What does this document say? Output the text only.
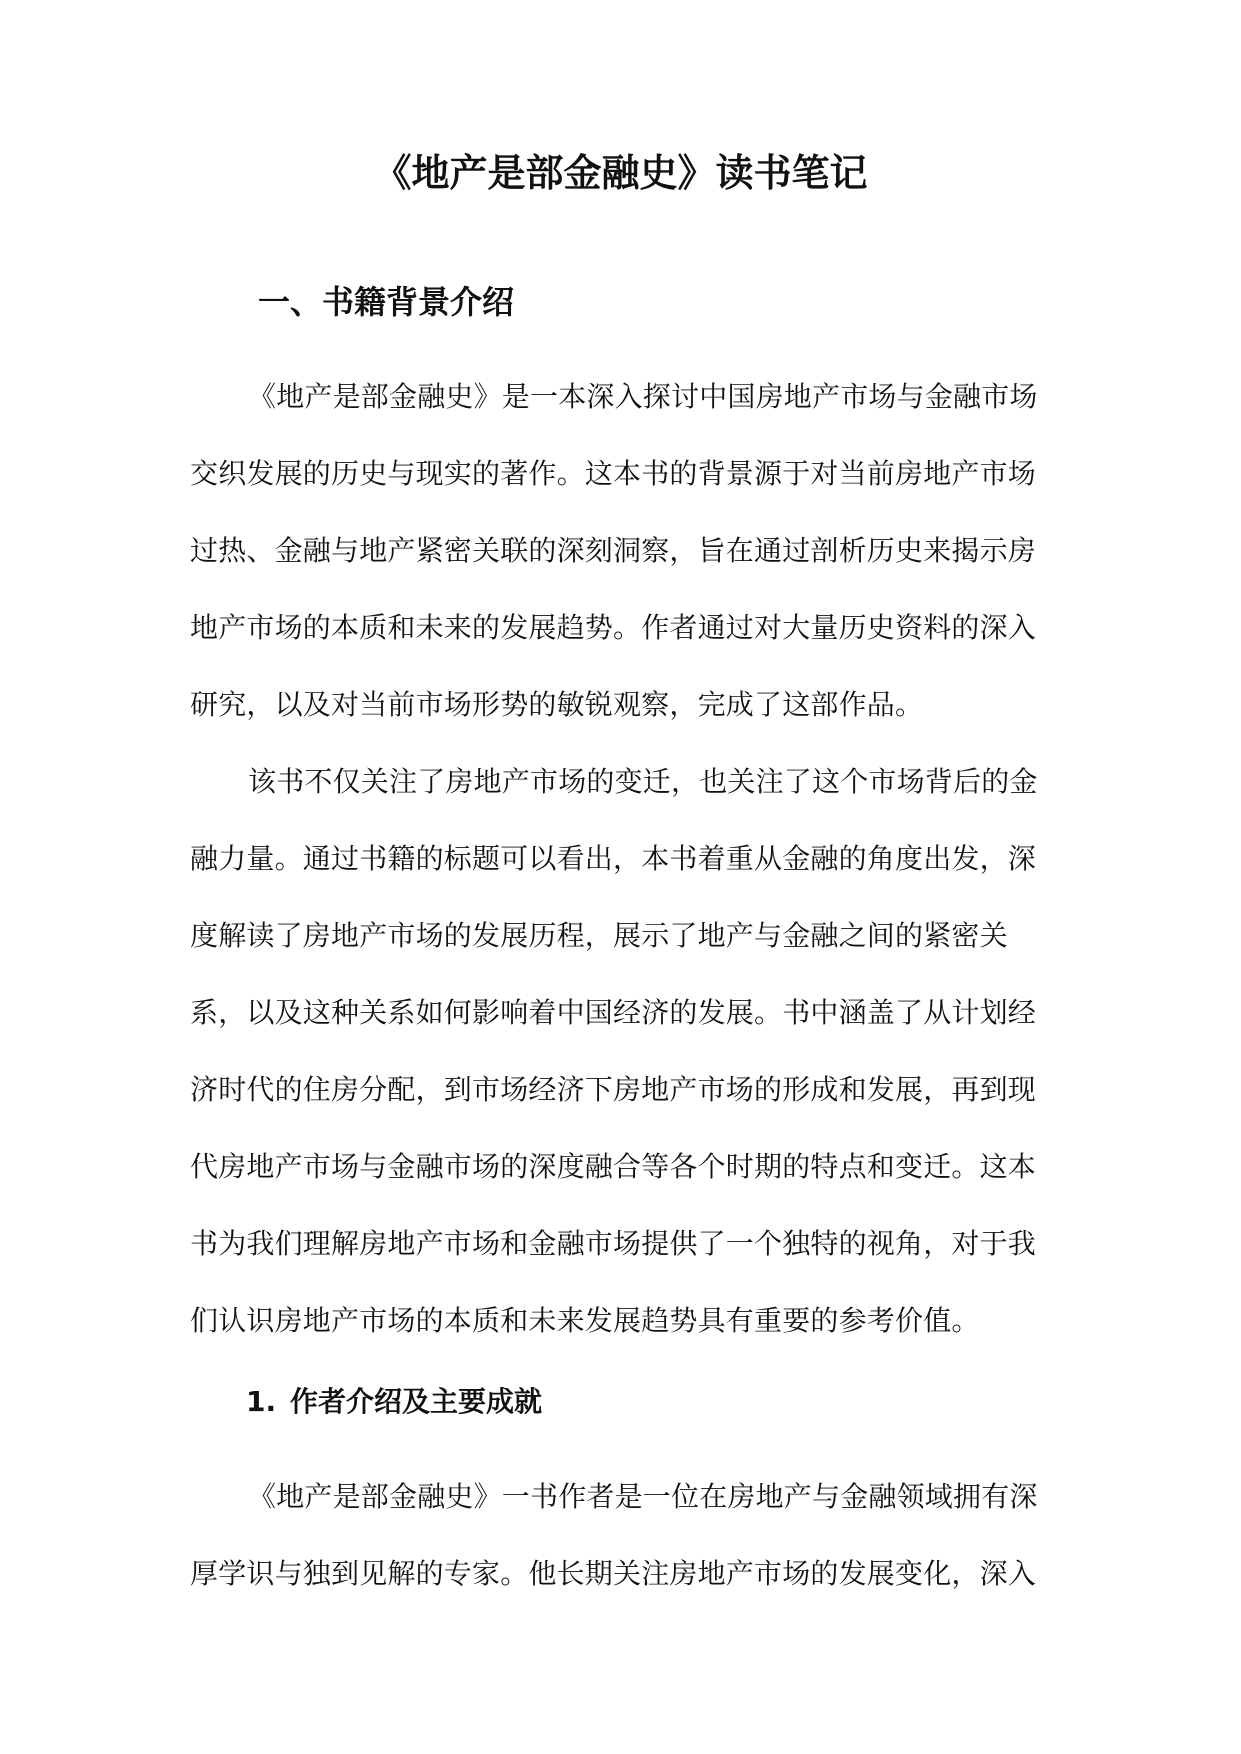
《地产是部金融史》读书笔记
一、书籍背景介绍

《地产是部金融史》是一本深入探讨中国房地产市场与金融市场交织发展的历史与现实的著作。这本书的背景源于对当前房地产市场过热、金融与地产紧密关联的深刻洞察，旨在通过剖析历史来揭示房地产市场的本质和未来的发展趋势。作者通过对大量历史资料的深入研究，以及对当前市场形势的敏锐观察，完成了这部作品。

该书不仅关注了房地产市场的变迁，也关注了这个市场背后的金融力量。通过书籍的标题可以看出，本书着重从金融的角度出发，深度解读了房地产市场的发展历程，展示了地产与金融之间的紧密关系，以及这种关系如何影响着中国经济的发展。书中涵盖了从计划经济时代的住房分配，到市场经济下房地产市场的形成和发展，再到现代房地产市场与金融市场的深度融合等各个时期的特点和变迁。这本书为我们理解房地产市场和金融市场提供了一个独特的视角，对于我们认识房地产市场的本质和未来发展趋势具有重要的参考价值。

1. 作者介绍及主要成就

《地产是部金融史》一书作者是一位在房地产与金融领域拥有深厚学识与独到见解的专家。他长期关注房地产市场的发展变化，深入
